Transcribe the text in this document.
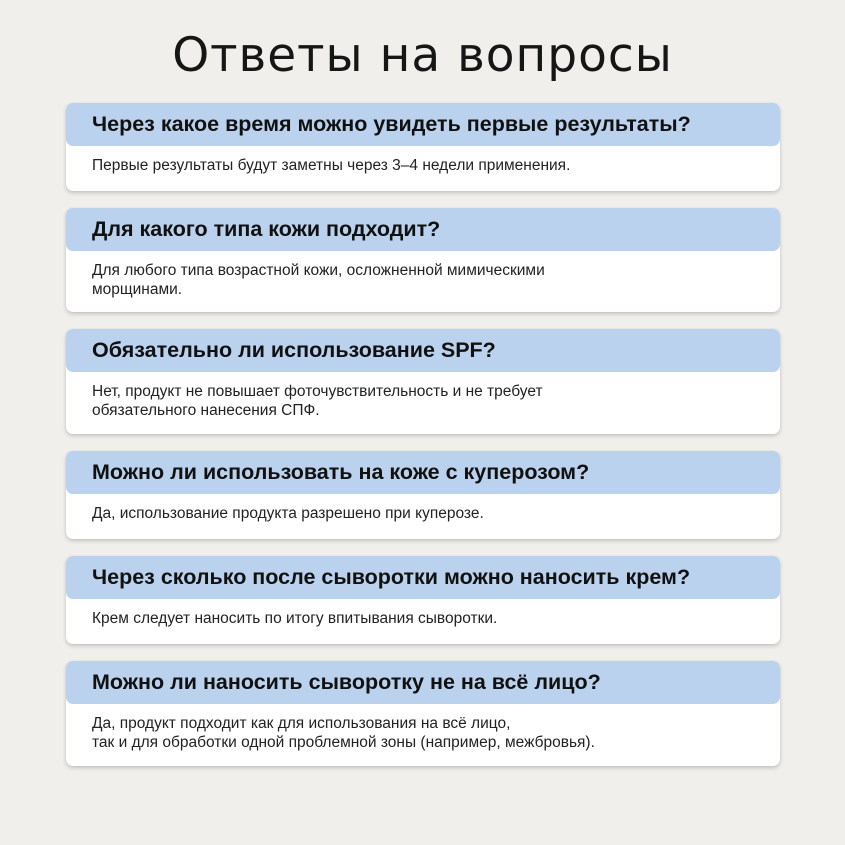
Ответы на вопросы
Через какое время можно увидеть первые результаты?
Первые результаты будут заметны через 3–4 недели применения.
Для какого типа кожи подходит?
Для любого типа возрастной кожи, осложненной мимическими
морщинами.
Обязательно ли использование SPF?
Нет, продукт не повышает фоточувствительность и не требует
обязательного нанесения СПФ.
Можно ли использовать на коже с куперозом?
Да, использование продукта разрешено при куперозе.
Через сколько после сыворотки можно наносить крем?
Крем следует наносить по итогу впитывания сыворотки.
Можно ли наносить сыворотку не на всё лицо?
Да, продукт подходит как для использования на всё лицо,
так и для обработки одной проблемной зоны (например, межбровья).
